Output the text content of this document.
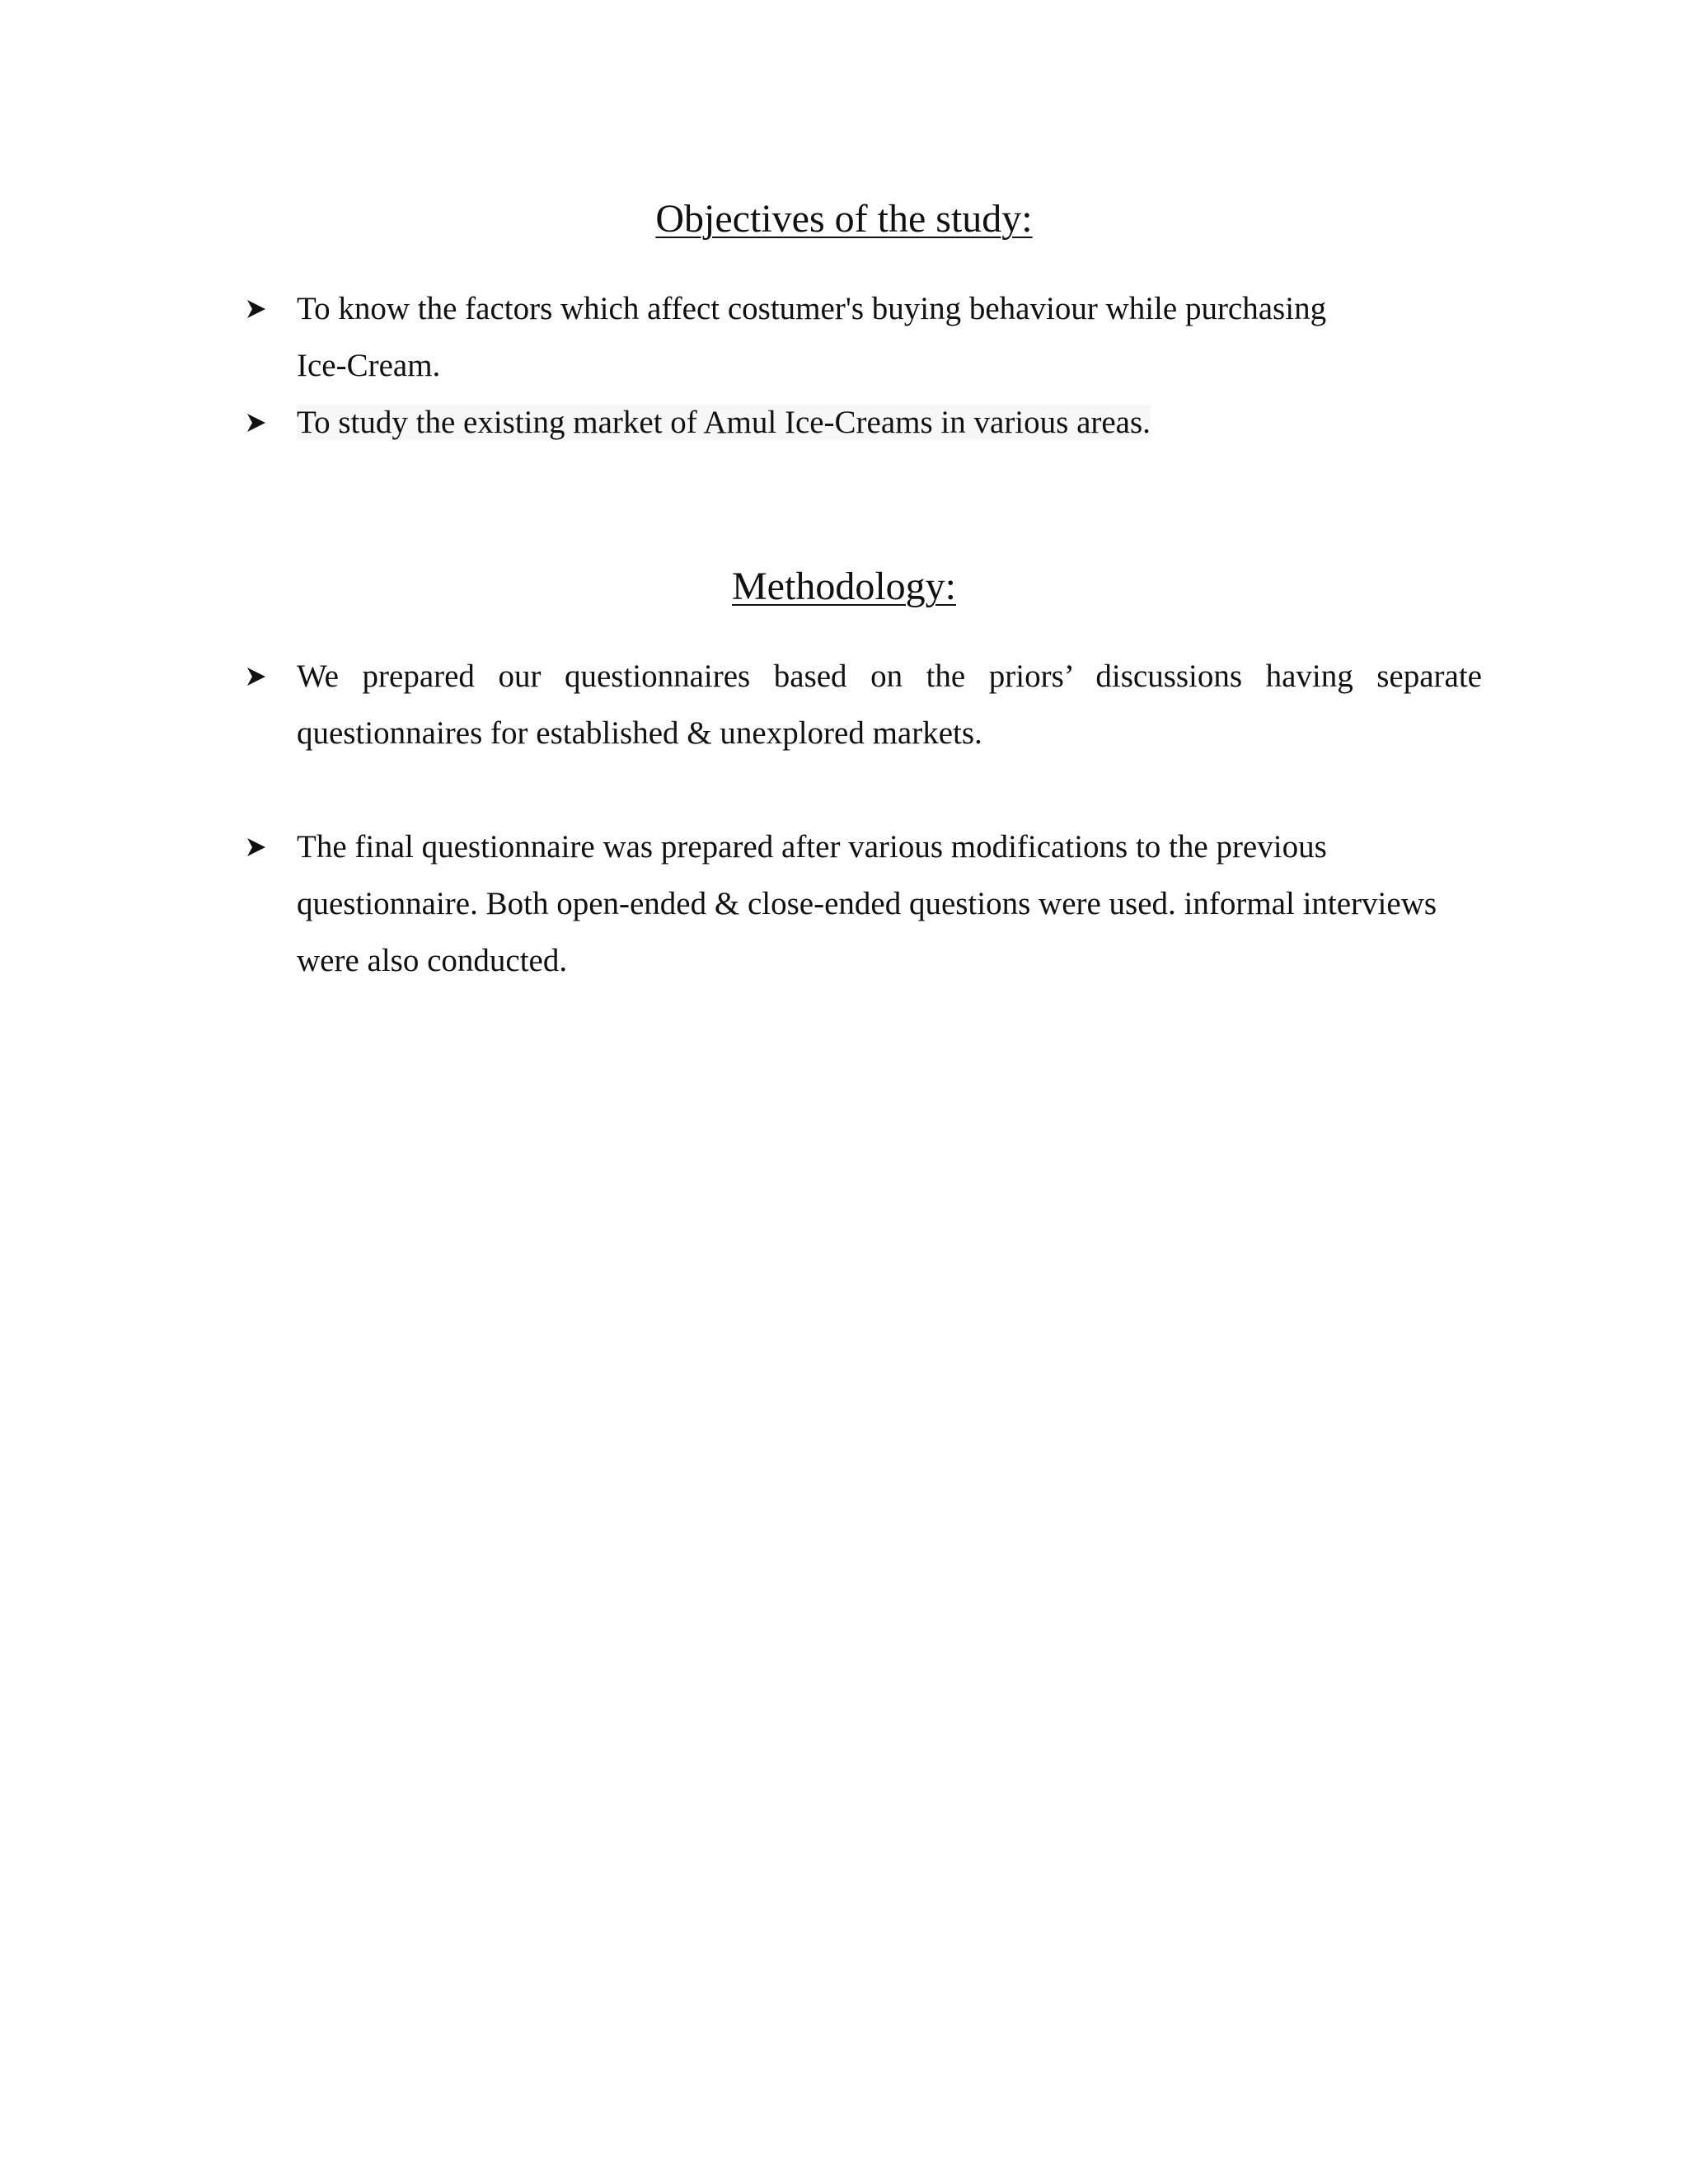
Objectives of the study:
To know the factors which affect costumer's buying behaviour while purchasing
Ice-Cream.
To study the existing market of Amul Ice-Creams in various areas.
Methodology:
We prepared our questionnaires based on the priors’ discussions having separate questionnaires for established & unexplored markets.
The final questionnaire was prepared after various modifications to the previous
questionnaire. Both open-ended & close-ended questions were used. informal interviews
were also conducted.
